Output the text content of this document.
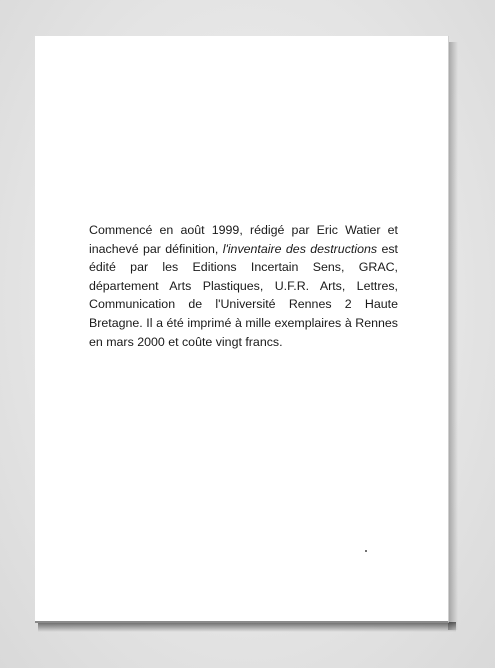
Commencé en août 1999, rédigé par Eric Watier et inachevé par définition, l'inventaire des destructions est édité par les Editions Incertain Sens, GRAC, département Arts Plastiques, U.F.R. Arts, Lettres, Communication de l'Université Rennes 2 Haute Bretagne. Il a été imprimé à mille exemplaires à Rennes en mars 2000 et coûte vingt francs.
